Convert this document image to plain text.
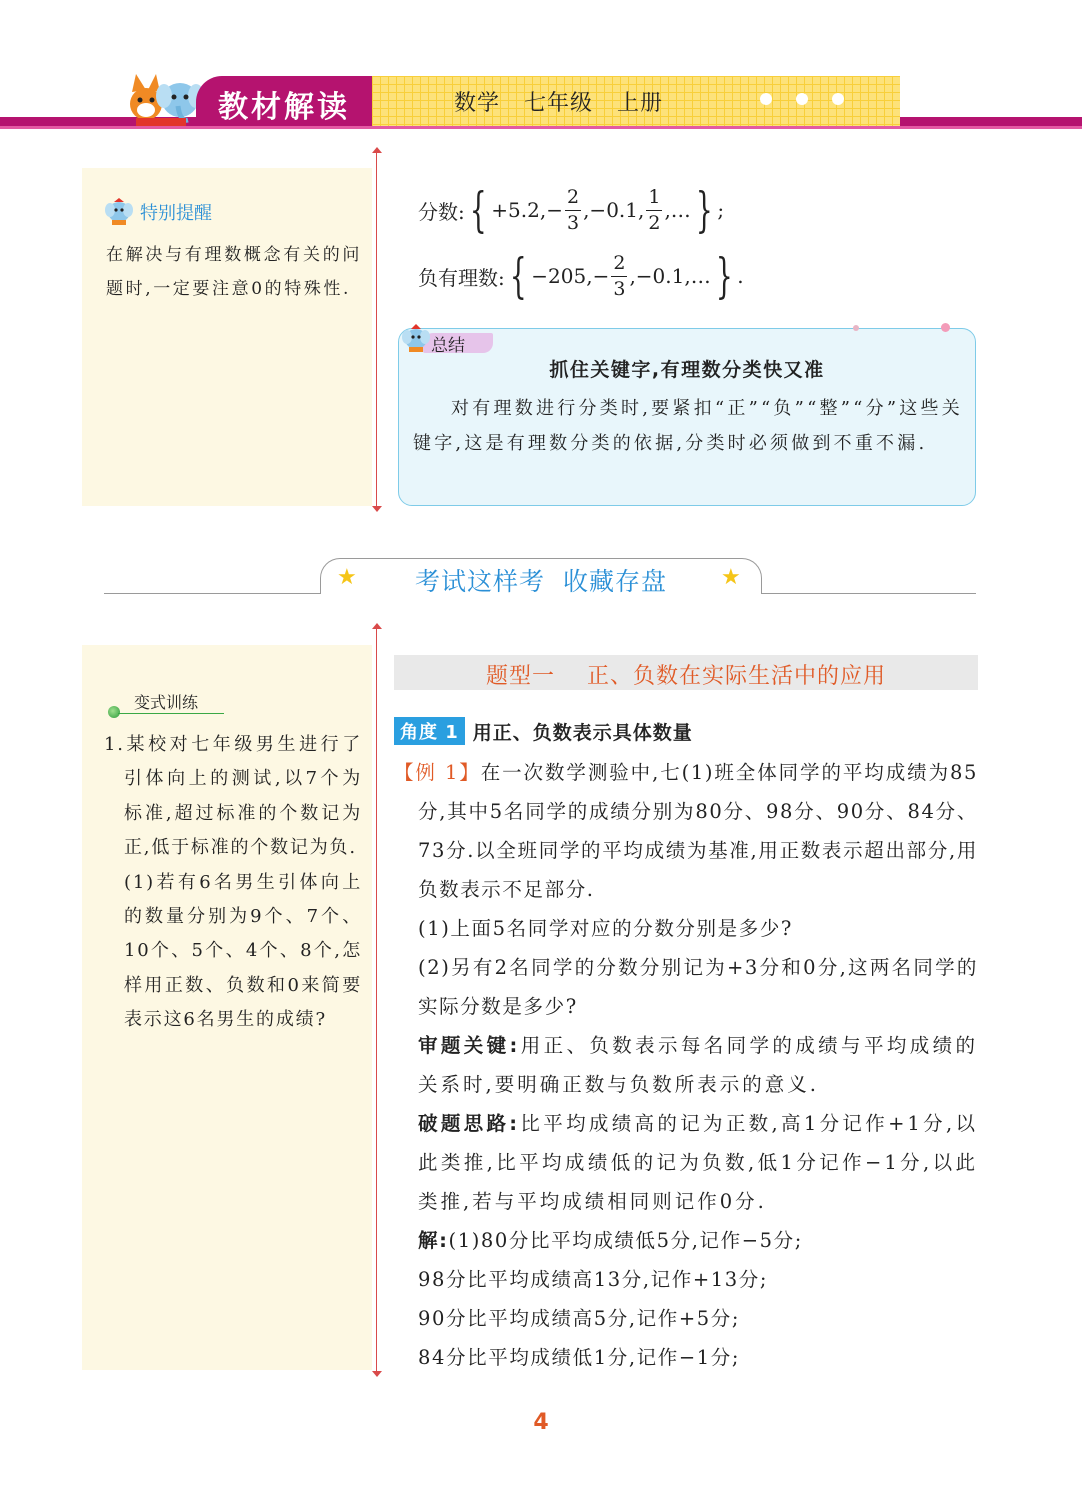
教材解读	数学   七年级   上册
特别提醒
在解决与有理数概念有关的问题时,一定要注意0的特殊性.
分数: { $+5.2,- \frac{2}{3} ,-0.1$, $\frac{1}{2}$ ,… } ;
负有理数: { $-205,- \frac{2}{3}$ ,−0.1,… } .
总结
抓住关键字,有理数分类快又准
对有理数进行分类时,要紧扣“正”“负”“整”“分”这些关键字,这是有理数分类的依据,分类时必须做到不重不漏.
★	考试这样考  收藏存盘	★
变式训练

1.某校对七年级男生进行了引体向上的测试,以7个为标准,超过标准的个数记为正,低于标准的个数记为负.

(1)若有6名男生引体向上的数量分别为9个、7个、10个、5个、4个、8个,怎样用正数、负数和0来简要表示这6名男生的成绩?

题型一    正、负数在实际生活中的应用
角度 1 用正、负数表示具体数量

【例 1】在一次数学测验中,七(1)班全体同学的平均成绩为85分,其中5名同学的成绩分别为80分、98分、90分、84分、73分.以全班同学的平均成绩为基准,用正数表示超出部分,用负数表示不足部分.

(1)上面5名同学对应的分数分别是多少?

(2)另有2名同学的分数分别记为+3分和0分,这两名同学的实际分数是多少?

审题关键:用正、负数表示每名同学的成绩与平均成绩的关系时,要明确正数与负数所表示的意义.

破题思路:比平均成绩高的记为正数,高1分记作+1分,以此类推,比平均成绩低的记为负数,低1分记作−1分,以此类推,若与平均成绩相同则记作0分.

解:(1)80分比平均成绩低5分,记作−5分;

98分比平均成绩高13分,记作+13分;

90分比平均成绩高5分,记作+5分;

84分比平均成绩低1分,记作−1分;

4
